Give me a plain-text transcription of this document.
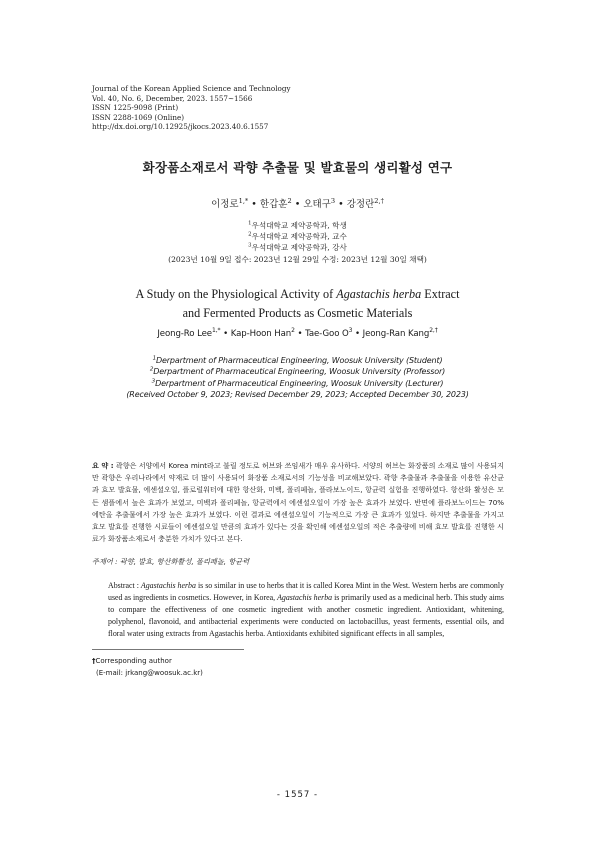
Journal of the Korean Applied Science and Technology
Vol. 40, No. 6, December, 2023. 1557~1566
ISSN 1225-9098 (Print)
ISSN 2288-1069 (Online)
http://dx.doi.org/10.12925/jkocs.2023.40.6.1557
화장품소재로서 곽향 추출물 및 발효물의 생리활성 연구
이정로$^{1,*}$ • 한갑훈$^2$ • 오태구$^3$ • 강정란$^{2,\dagger}$
$^1$우석대학교 제약공학과, 학생
$^2$우석대학교 제약공학과, 교수
$^3$우석대학교 제약공학과, 강사
(2023년 10월 9일 접수: 2023년 12월 29일 수정: 2023년 12월 30일 채택)
A Study on the Physiological Activity of Agastachis herba Extract
and Fermented Products as Cosmetic Materials
Jeong-Ro Lee$^{1,*}$ • Kap-Hoon Han$^2$ • Tae-Goo $O^3$ • Jeong-Ran Kang$^{2,\dagger}$
$^1$Derpartment of Pharmaceutical Engineering, Woosuk University (Student)
$^2$Derpartment of Pharmaceutical Engineering, Woosuk University (Professor)
$^3$Derpartment of Pharmaceutical Engineering, Woosuk University (Lecturer)
(Received October 9, 2023; Revised December 29, 2023; Accepted December 30, 2023)
요 약 : 곽향은 서양에서 Korea mint라고 불릴 정도로 허브와 쓰임새가 매우 유사하다. 서양의 허브는 화장품의 소재로 많이 사용되지만 곽향은 우리나라에서 약재로 더 많이 사용되어 화장품 소재로서의 기능성을 비교해보았다. 곽향 추출물과 추출물을 이용한 유산균과 효모 발효물, 에센셜오일, 플로럴워터에 대한 항산화, 미백, 폴리페놀, 플라보노이드, 항균력 실험을 진행하였다. 항산화 활성은 모든 샘플에서 높은 효과가 보였고, 미백과 폴리페놀, 항균력에서 에센셜오일이 가장 높은 효과가 보였다. 반면에 플라보노이드는 70% 에탄올 추출물에서 가장 높은 효과가 보였다. 이런 결과로 에센셜오일이 기능적으로 가장 큰 효과가 있었다. 하지만 추출물을 가지고 효모 발효를 진행한 시료들이 에센셜오일 만큼의 효과가 있다는 것을 확인해 에센셜오일의 적은 추출량에 비해 효모 발효를 진행한 시료가 화장품소재로서 충분한 가치가 있다고 본다.
주제어 : 곽향, 발효, 항산화활성, 폴리페놀, 항균력
Abstract : Agastachis herba is so similar in use to herbs that it is called Korea Mint in the West. Western herbs are commonly used as ingredients in cosmetics. However, in Korea, Agastachis herba is primarily used as a medicinal herb. This study aims to compare the effectiveness of one cosmetic ingredient with another cosmetic ingredient. Antioxidant, whitening, polyphenol, flavonoid, and antibacterial experiments were conducted on lactobacillus, yeast ferments, essential oils, and floral water using extracts from Agastachis herba. Antioxidants exhibited significant effects in all samples,
†Corresponding author
(E-mail: jrkang@woosuk.ac.kr)
- 1557 -
